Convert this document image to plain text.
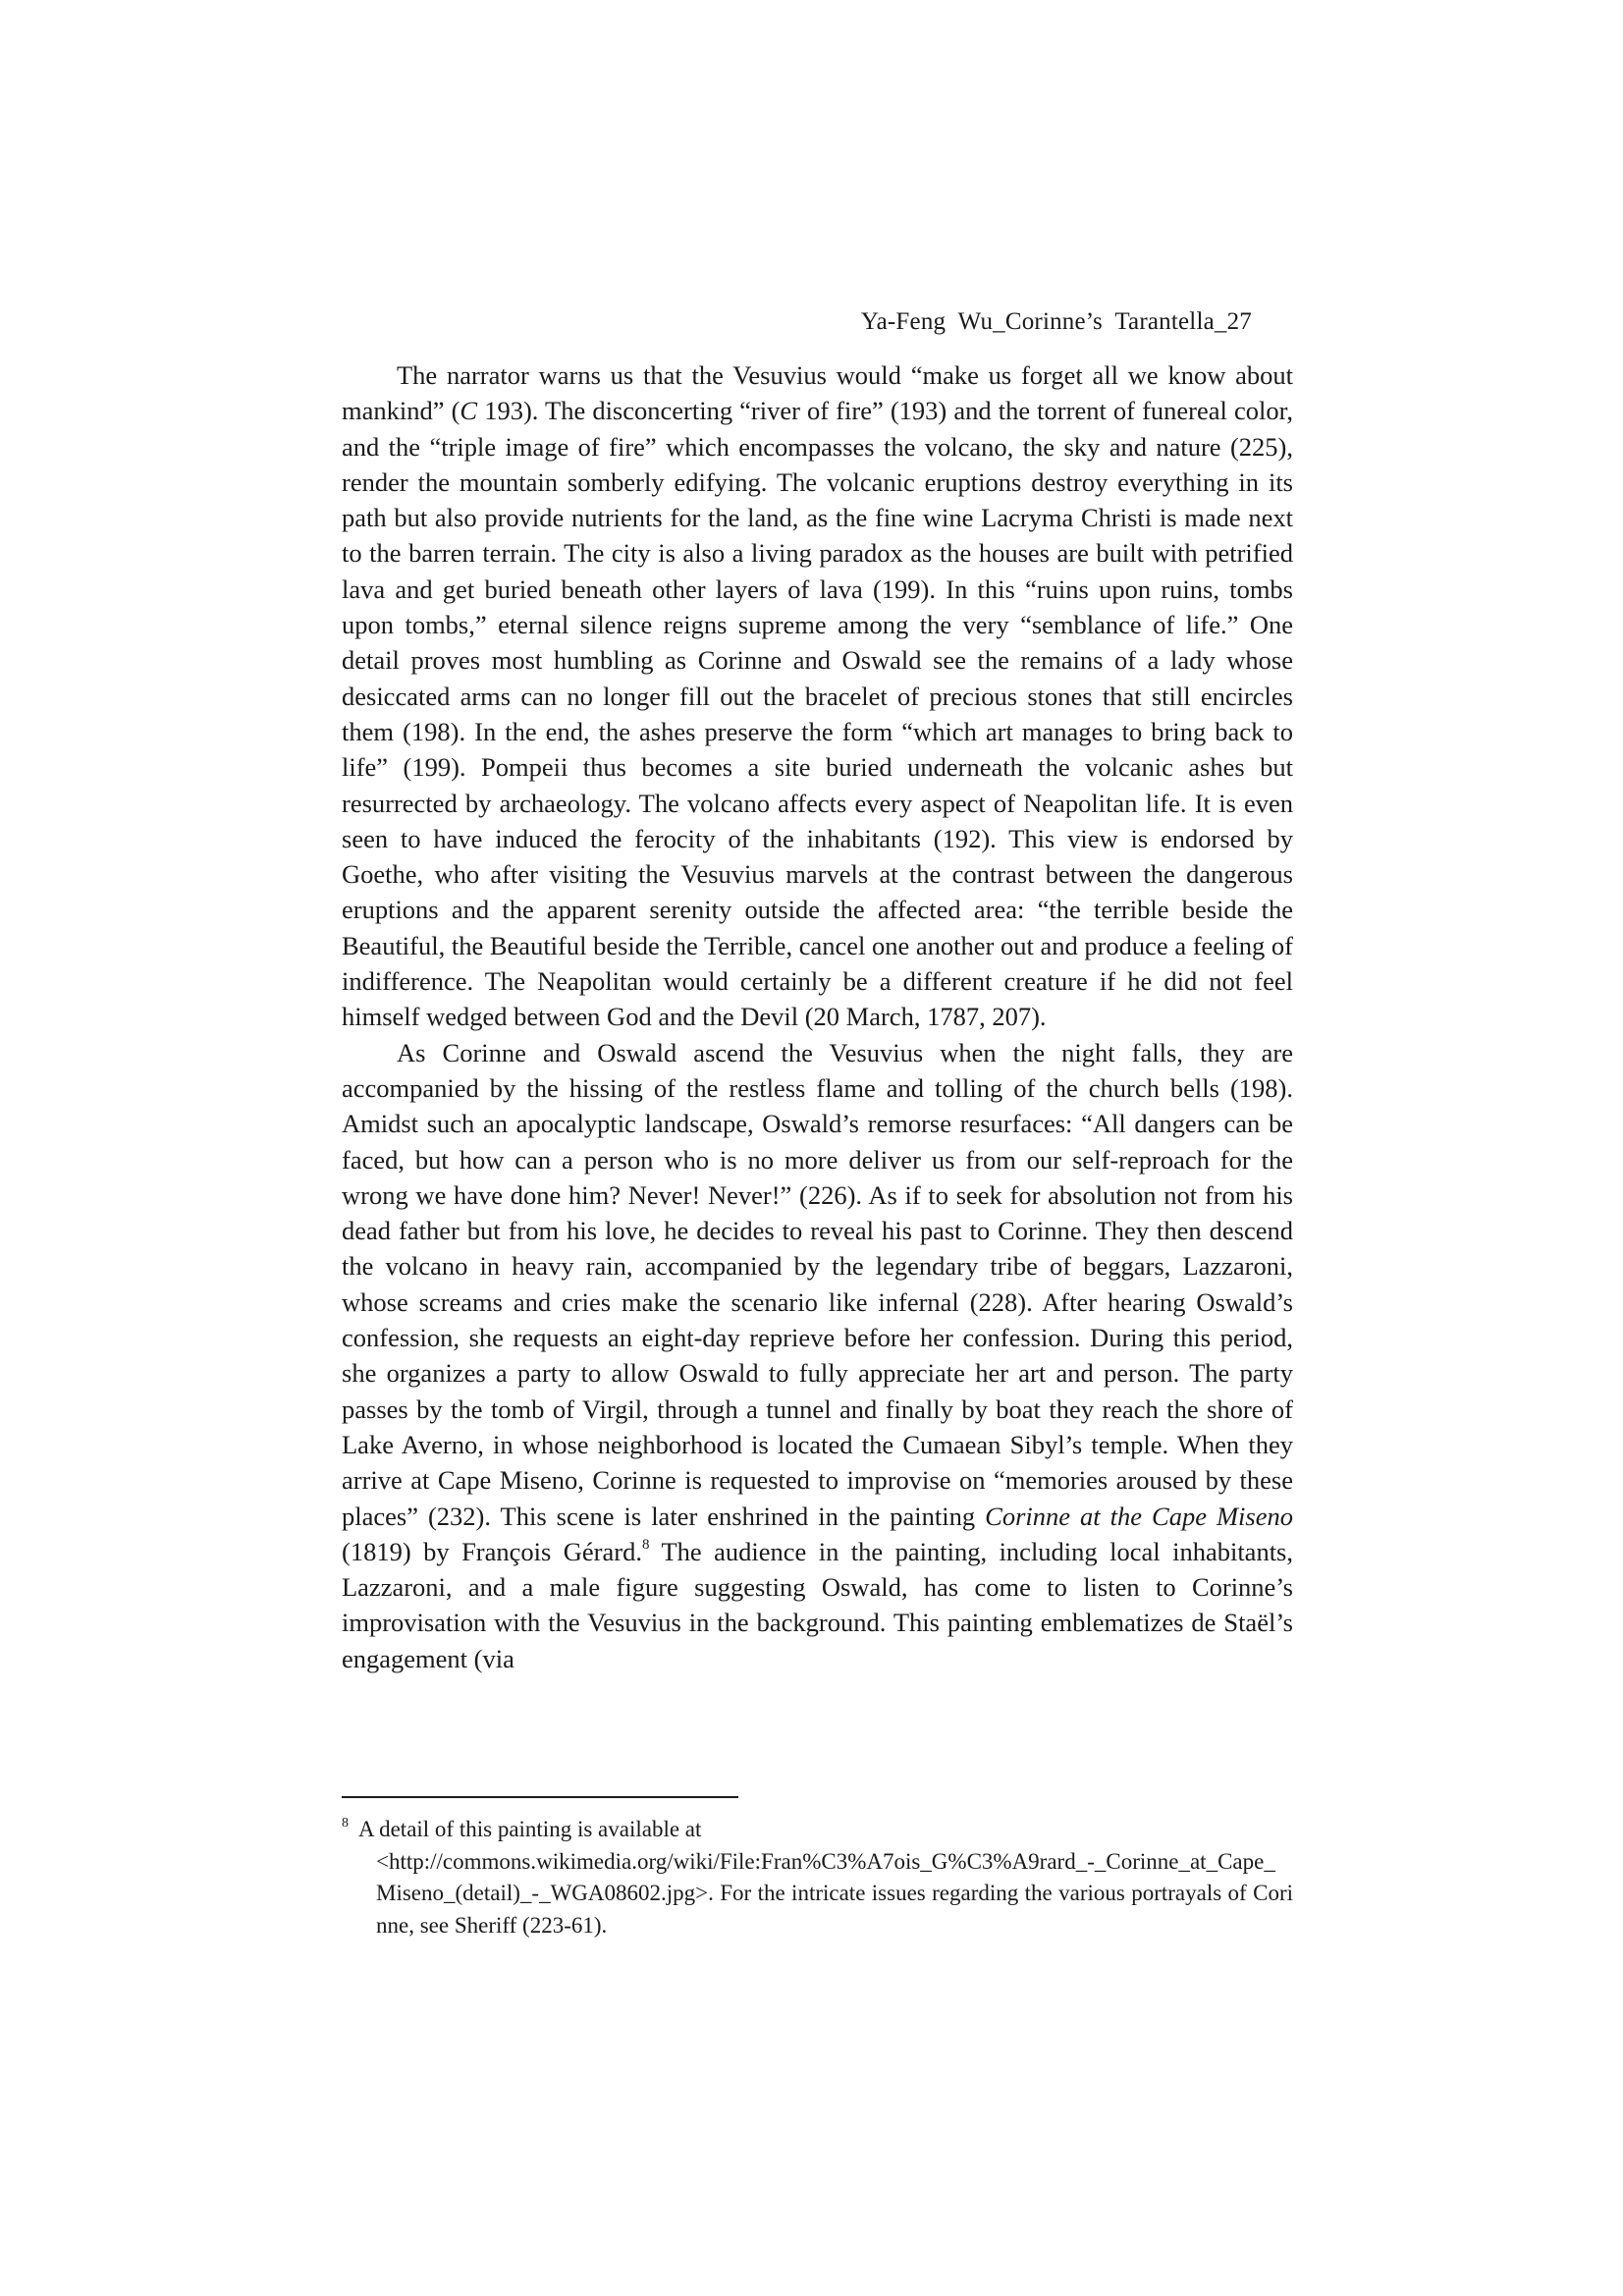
Ya-Feng  Wu_Corinne’s  Tarantella_27

The narrator warns us that the Vesuvius would “make us forget all we know about mankind” (C 193). The disconcerting “river of fire” (193) and the torrent of funereal color, and the “triple image of fire” which encompasses the volcano, the sky and nature (225), render the mountain somberly edifying. The volcanic eruptions destroy everything in its path but also provide nutrients for the land, as the fine wine Lacryma Christi is made next to the barren terrain. The city is also a living paradox as the houses are built with petrified lava and get buried beneath other layers of lava (199). In this “ruins upon ruins, tombs upon tombs,” eternal silence reigns supreme among the very “semblance of life.” One detail proves most humbling as Corinne and Oswald see the remains of a lady whose desiccated arms can no longer fill out the bracelet of precious stones that still encircles them (198). In the end, the ashes preserve the form “which art manages to bring back to life” (199). Pompeii thus becomes a site buried underneath the volcanic ashes but resurrected by archaeology. The volcano affects every aspect of Neapolitan life. It is even seen to have induced the ferocity of the inhabitants (192). This view is endorsed by Goethe, who after visiting the Vesuvius marvels at the contrast between the dangerous eruptions and the apparent serenity outside the affected area: “the terrible beside the Beautiful, the Beautiful beside the Terrible, cancel one another out and produce a feeling of indifference. The Neapolitan would certainly be a different creature if he did not feel himself wedged between God and the Devil (20 March, 1787, 207).

As Corinne and Oswald ascend the Vesuvius when the night falls, they are accompanied by the hissing of the restless flame and tolling of the church bells (198). Amidst such an apocalyptic landscape, Oswald’s remorse resurfaces: “All dangers can be faced, but how can a person who is no more deliver us from our self-reproach for the wrong we have done him? Never! Never!” (226). As if to seek for absolution not from his dead father but from his love, he decides to reveal his past to Corinne. They then descend the volcano in heavy rain, accompanied by the legendary tribe of beggars, Lazzaroni, whose screams and cries make the scenario like infernal (228). After hearing Oswald’s confession, she requests an eight-day reprieve before her confession. During this period, she organizes a party to allow Oswald to fully appreciate her art and person. The party passes by the tomb of Virgil, through a tunnel and finally by boat they reach the shore of Lake Averno, in whose neighborhood is located the Cumaean Sibyl’s temple. When they arrive at Cape Miseno, Corinne is requested to improvise on “memories aroused by these places” (232). This scene is later enshrined in the painting Corinne at the Cape Miseno (1819) by François Gérard.$^8$ The audience in the painting, including local inhabitants, Lazzaroni, and a male figure suggesting Oswald, has come to listen to Corinne’s improvisation with the Vesuvius in the background. This painting emblematizes de Staël’s engagement (via

$^8$ A detail of this painting is available at
<http://commons.wikimedia.org/wiki/File:Fran%C3%A7ois_G%C3%A9rard_-_Corinne_at_Cape_Miseno_(detail)_-_WGA08602.jpg>. For the intricate issues regarding the various portrayals of Corinne, see Sheriff (223-61).
